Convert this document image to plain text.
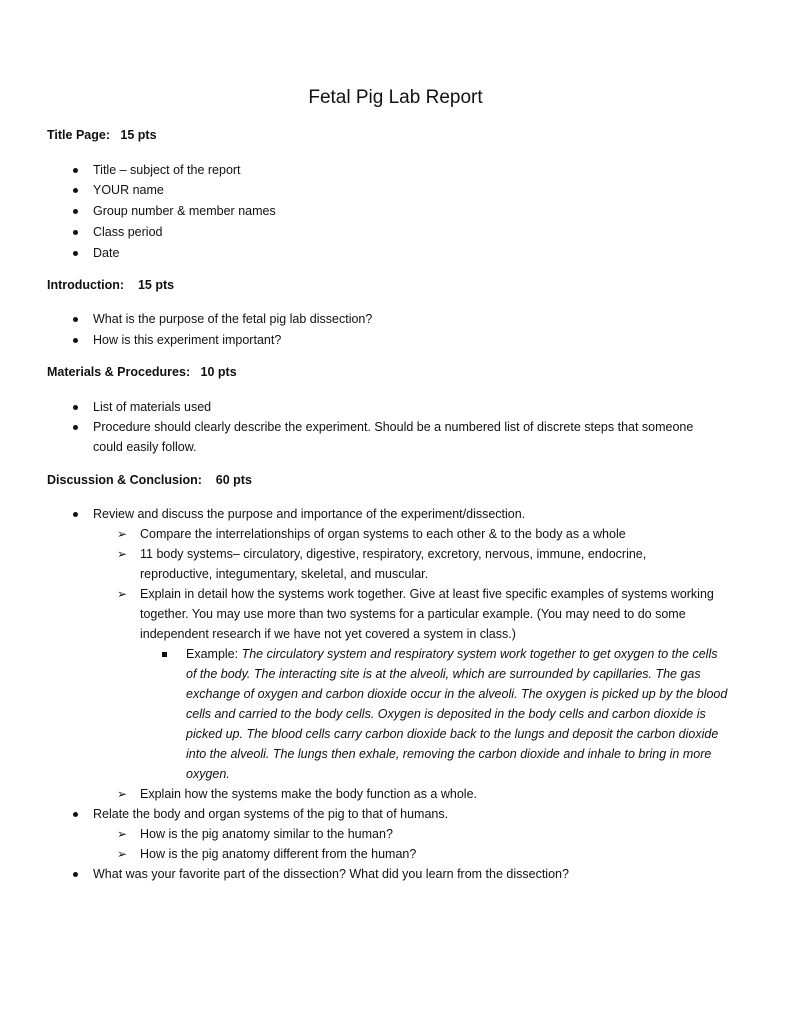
Fetal Pig Lab Report

Title Page:   15 pts

Title – subject of the report

YOUR name

Group number & member names

Class period

Date

Introduction:    15 pts

What is the purpose of the fetal pig lab dissection?

How is this experiment important?

Materials & Procedures:   10 pts

List of materials used

Procedure should clearly describe the experiment. Should be a numbered list of discrete steps that someone

could easily follow.

Discussion & Conclusion:    60 pts

Review and discuss the purpose and importance of the experiment/dissection.

➢ Compare the interrelationships of organ systems to each other & to the body as a whole

➢ 11 body systems– circulatory, digestive, respiratory, excretory, nervous, immune, endocrine,

reproductive, integumentary, skeletal, and muscular.

➢ Explain in detail how the systems work together. Give at least five specific examples of systems working

together. You may use more than two systems for a particular example. (You may need to do some

independent research if we have not yet covered a system in class.)

Example: The circulatory system and respiratory system work together to get oxygen to the cells

of the body. The interacting site is at the alveoli, which are surrounded by capillaries. The gas

exchange of oxygen and carbon dioxide occur in the alveoli. The oxygen is picked up by the blood

cells and carried to the body cells. Oxygen is deposited in the body cells and carbon dioxide is

picked up. The blood cells carry carbon dioxide back to the lungs and deposit the carbon dioxide

into the alveoli. The lungs then exhale, removing the carbon dioxide and inhale to bring in more

oxygen.

➢ Explain how the systems make the body function as a whole.

Relate the body and organ systems of the pig to that of humans.

➢ How is the pig anatomy similar to the human?

➢ How is the pig anatomy different from the human?

What was your favorite part of the dissection? What did you learn from the dissection?
